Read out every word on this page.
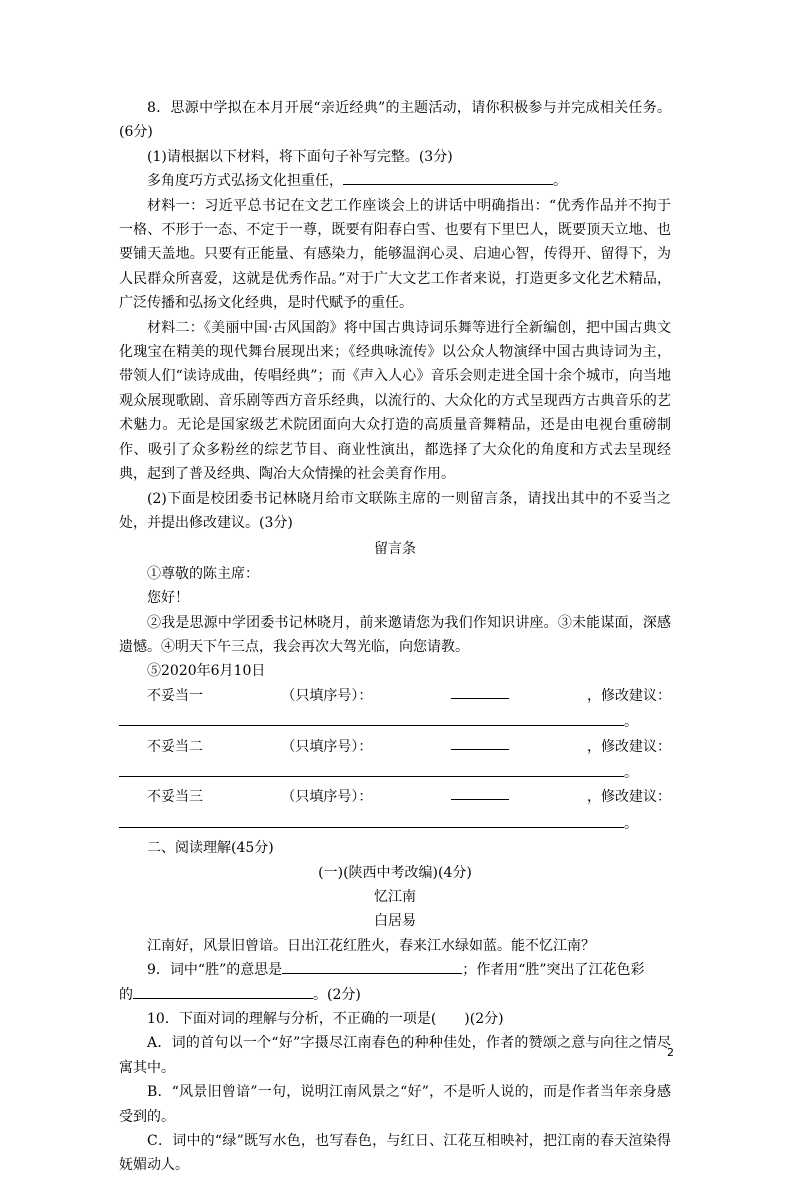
8．思源中学拟在本月开展“亲近经典”的主题活动，请你积极参与并完成相关任务。(6分)

(1)请根据以下材料，将下面句子补写完整。(3分)

多角度巧方式弘扬文化担重任，	。

材料一：习近平总书记在文艺工作座谈会上的讲话中明确指出：“优秀作品并不拘于一格、不形于一态、不定于一尊，既要有阳春白雪、也要有下里巴人，既要顶天立地、也要铺天盖地。只要有正能量、有感染力，能够温润心灵、启迪心智，传得开、留得下，为人民群众所喜爱，这就是优秀作品。”对于广大文艺工作者来说，打造更多文化艺术精品，广泛传播和弘扬文化经典，是时代赋予的重任。

材料二：《美丽中国·古风国韵》将中国古典诗词乐舞等进行全新编创，把中国古典文化瑰宝在精美的现代舞台展现出来；《经典咏流传》以公众人物演绎中国古典诗词为主，带领人们“读诗成曲，传唱经典”；而《声入人心》音乐会则走进全国十余个城市，向当地观众展现歌剧、音乐剧等西方音乐经典，以流行的、大众化的方式呈现西方古典音乐的艺术魅力。无论是国家级艺术院团面向大众打造的高质量音舞精品，还是由电视台重磅制作、吸引了众多粉丝的综艺节目、商业性演出，都选择了大众化的角度和方式去呈现经典，起到了普及经典、陶冶大众情操的社会美育作用。

(2)下面是校团委书记林晓月给市文联陈主席的一则留言条，请找出其中的不妥当之处，并提出修改建议。(3分)

留言条

①尊敬的陈主席：

您好！

②我是思源中学团委书记林晓月，前来邀请您为我们作知识讲座。③未能谋面，深感遗憾。④明天下午三点，我会再次大驾光临，向您请教。

⑤2020年6月10日

不妥当一	（只填序号）：	，修改建议：
。
不妥当二	（只填序号）：	，修改建议：
。
不妥当三	（只填序号）：	，修改建议：
。

二、阅读理解(45分)

(一)(陕西中考改编)(4分)

忆江南

白居易

江南好，风景旧曾谙。日出江花红胜火，春来江水绿如蓝。能不忆江南？

9．词中“胜”的意思是	；作者用“胜”突出了江花色彩

的	。(2分)

10．下面对词的理解与分析，不正确的一项是( )(2分)

A．词的首句以一个“好”字摄尽江南春色的种种佳处，作者的赞颂之意与向往之情尽寓其中。

B．“风景旧曾谙”一句，说明江南风景之“好”，不是听人说的，而是作者当年亲身感受到的。

C．词中的“绿”既写水色，也写春色，与红日、江花互相映衬，把江南的春天渲染得妩媚动人。

2
